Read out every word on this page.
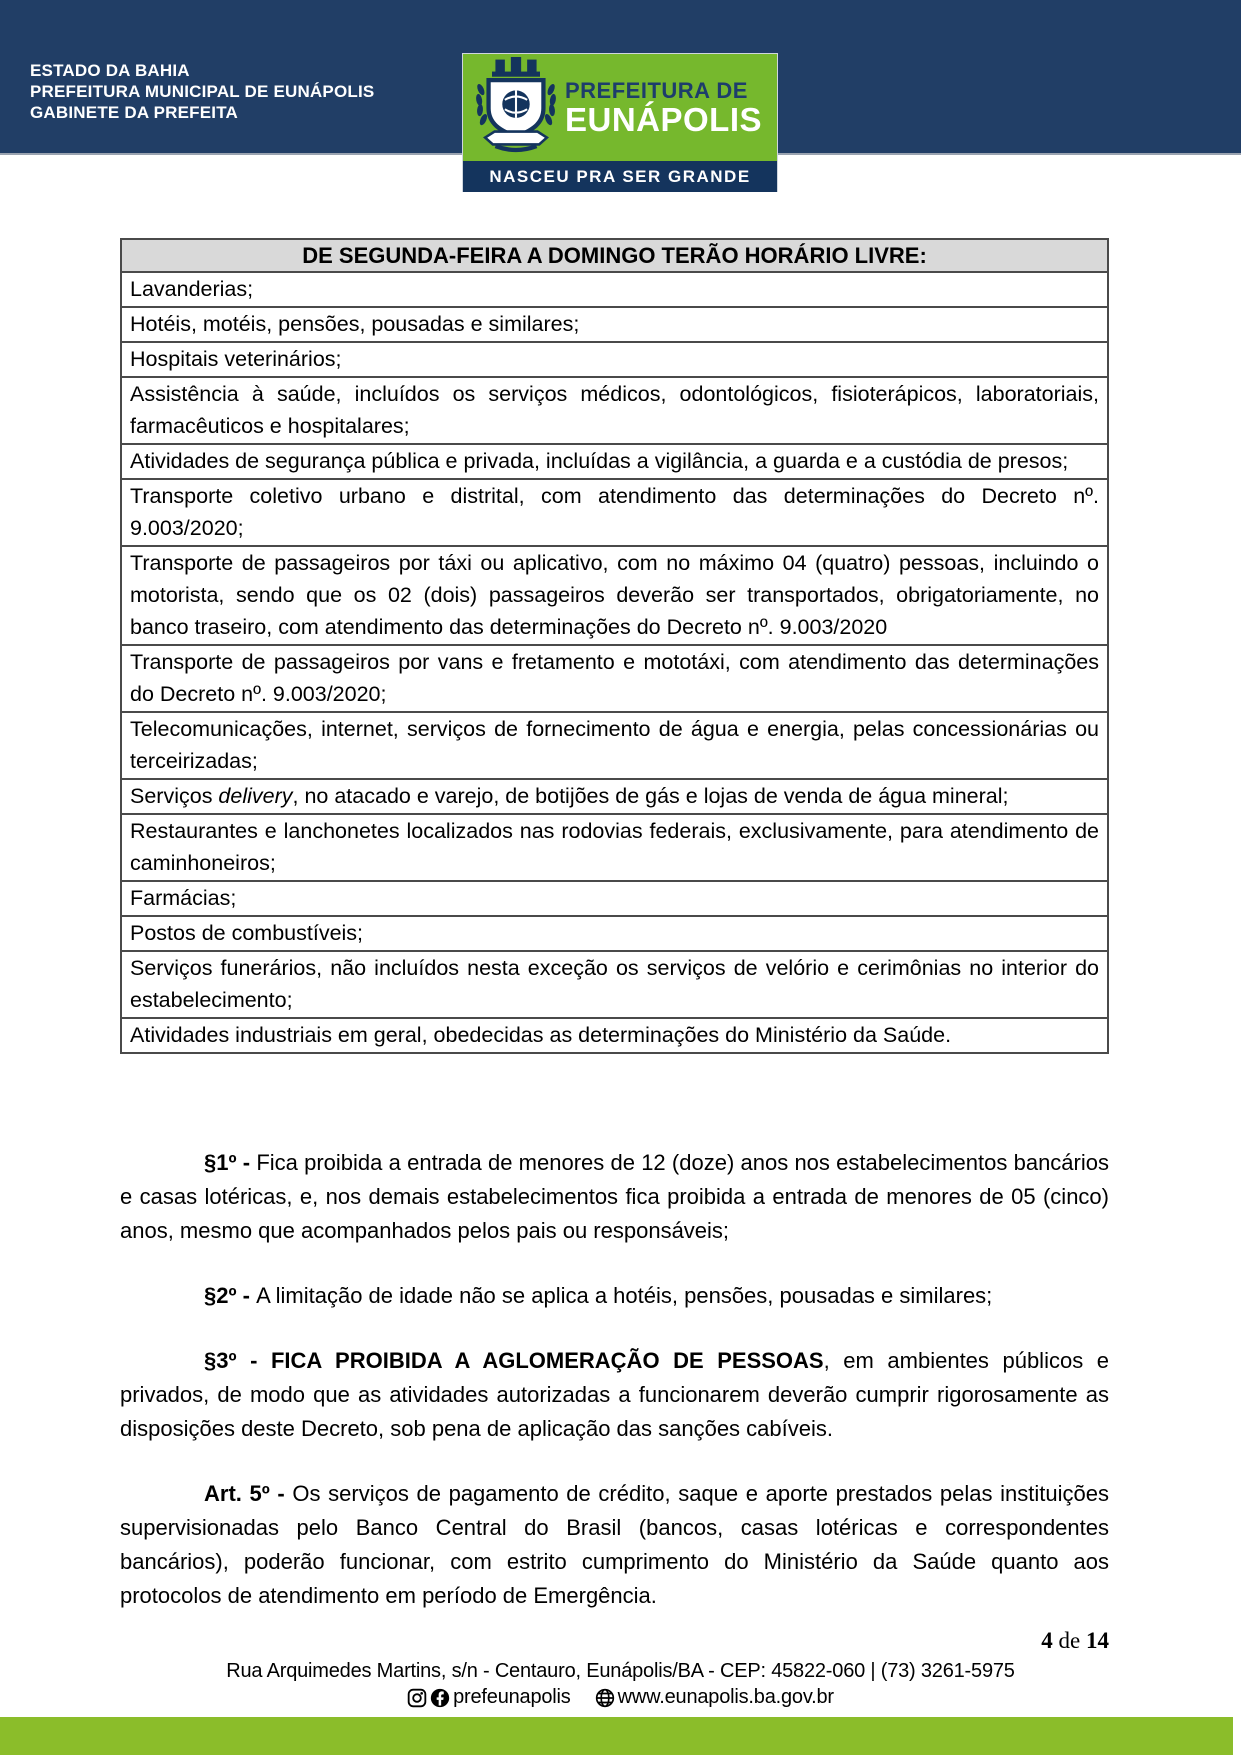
ESTADO DA BAHIA
PREFEITURA MUNICIPAL DE EUNÁPOLIS
GABINETE DA PREFEITA
PREFEITURA DE
EUNÁPOLIS
NASCEU PRA SER GRANDE
DE SEGUNDA-FEIRA A DOMINGO TERÃO HORÁRIO LIVRE:
Lavanderias;
Hotéis, motéis, pensões, pousadas e similares;
Hospitais veterinários;
Assistência à saúde, incluídos os serviços médicos, odontológicos, fisioterápicos, laboratoriais, farmacêuticos e hospitalares;
Atividades de segurança pública e privada, incluídas a vigilância, a guarda e a custódia de presos;
Transporte coletivo urbano e distrital, com atendimento das determinações do Decreto nº. 9.003/2020;
Transporte de passageiros por táxi ou aplicativo, com no máximo 04 (quatro) pessoas, incluindo o motorista, sendo que os 02 (dois) passageiros deverão ser transportados, obrigatoriamente, no banco traseiro, com atendimento das determinações do Decreto nº. 9.003/2020
Transporte de passageiros por vans e fretamento e mototáxi, com atendimento das determinações do Decreto nº. 9.003/2020;
Telecomunicações, internet, serviços de fornecimento de água e energia, pelas concessionárias ou terceirizadas;
Serviços delivery, no atacado e varejo, de botijões de gás e lojas de venda de água mineral;
Restaurantes e lanchonetes localizados nas rodovias federais, exclusivamente, para atendimento de caminhoneiros;
Farmácias;
Postos de combustíveis;
Serviços funerários, não incluídos nesta exceção os serviços de velório e cerimônias no interior do estabelecimento;
Atividades industriais em geral, obedecidas as determinações do Ministério da Saúde.

§1º - Fica proibida a entrada de menores de 12 (doze) anos nos estabelecimentos bancários e casas lotéricas, e, nos demais estabelecimentos fica proibida a entrada de menores de 05 (cinco) anos, mesmo que acompanhados pelos pais ou responsáveis;

§2º - A limitação de idade não se aplica a hotéis, pensões, pousadas e similares;

§3º - FICA PROIBIDA A AGLOMERAÇÃO DE PESSOAS, em ambientes públicos e privados, de modo que as atividades autorizadas a funcionarem deverão cumprir rigorosamente as disposições deste Decreto, sob pena de aplicação das sanções cabíveis.

Art. 5º - Os serviços de pagamento de crédito, saque e aporte prestados pelas instituições supervisionadas pelo Banco Central do Brasil (bancos, casas lotéricas e correspondentes bancários), poderão funcionar, com estrito cumprimento do Ministério da Saúde quanto aos protocolos de atendimento em período de Emergência.

4 de 14
Rua Arquimedes Martins, s/n - Centauro, Eunápolis/BA - CEP: 45822-060 | (73) 3261-5975
prefeunapolis www.eunapolis.ba.gov.br
